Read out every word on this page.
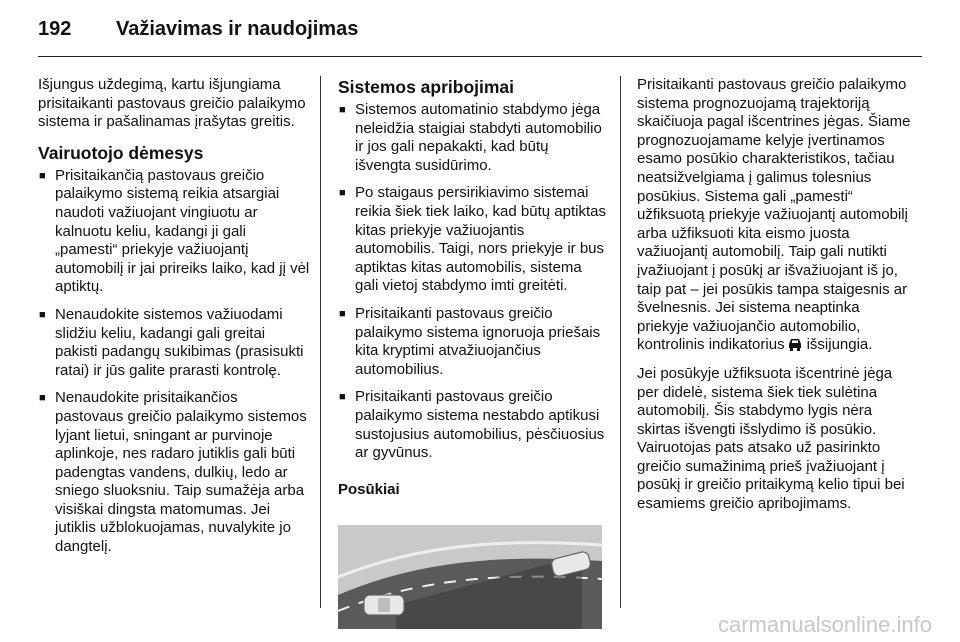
192 Važiavimas ir naudojimas

Išjungus uždegimą, kartu išjungiama prisitaikanti pastovaus greičio palaikymo sistema ir pašalinamas įrašytas greitis.

Vairuotojo dėmesys
■ Prisitaikančią pastovaus greičio palaikymo sistemą reikia atsargiai naudoti važiuojant vingiuotu ar kalnuotu keliu, kadangi ji gali „pamesti“ priekyje važiuojantį automobilį ir jai prireiks laiko, kad jį vėl aptiktų.
■ Nenaudokite sistemos važiuodami slidžiu keliu, kadangi gali greitai pakisti padangų sukibimas (prasisukti ratai) ir jūs galite prarasti kontrolę.
■ Nenaudokite prisitaikančios pastovaus greičio palaikymo sistemos lyjant lietui, sningant ar purvinoje aplinkoje, nes radaro jutiklis gali būti padengtas vandens, dulkių, ledo ar sniego sluoksniu. Taip sumažėja arba visiškai dingsta matomumas. Jei jutiklis užblokuojamas, nuvalykite jo dangtelį.
Sistemos apribojimai
■ Sistemos automatinio stabdymo jėga neleidžia staigiai stabdyti automobilio ir jos gali nepakakti, kad būtų išvengta susidūrimo.
■ Po staigaus persirikiavimo sistemai reikia šiek tiek laiko, kad būtų aptiktas kitas priekyje važiuojantis automobilis. Taigi, nors priekyje ir bus aptiktas kitas automobilis, sistema gali vietoj stabdymo imti greitėti.
■ Prisitaikanti pastovaus greičio palaikymo sistema ignoruoja priešais kita kryptimi atvažiuojančius automobilius.
■ Prisitaikanti pastovaus greičio palaikymo sistema nestabdo aptikusi sustojusius automobilius, pėsčiuosius ar gyvūnus.
Posūkiai

Prisitaikanti pastovaus greičio palaikymo sistema prognozuojamą trajektoriją skaičiuoja pagal išcentrines jėgas. Šiame prognozuojamame kelyje įvertinamos esamo posūkio charakteristikos, tačiau neatsižvelgiama į galimus tolesnius posūkius. Sistema gali „pamesti“ užfiksuotą priekyje važiuojantį automobilį arba užfiksuoti kita eismo juosta važiuojantį automobilį. Taip gali nutikti įvažiuojant į posūkį ar išvažiuojant iš jo, taip pat – jei posūkis tampa staigesnis ar švelnesnis. Jei sistema neaptinka priekyje važiuojančio automobilio, kontrolinis indikatorius išsijungia.

Jei posūkyje užfiksuota išcentrinė jėga per didelė, sistema šiek tiek sulėtina automobilį. Šis stabdymo lygis nėra skirtas išvengti išslydimo iš posūkio. Vairuotojas pats atsako už pasirinkto greičio sumažinimą prieš įvažiuojant į posūkį ir greičio pritaikymą kelio tipui bei esamiems greičio apribojimams.

carmanualsonline.info
